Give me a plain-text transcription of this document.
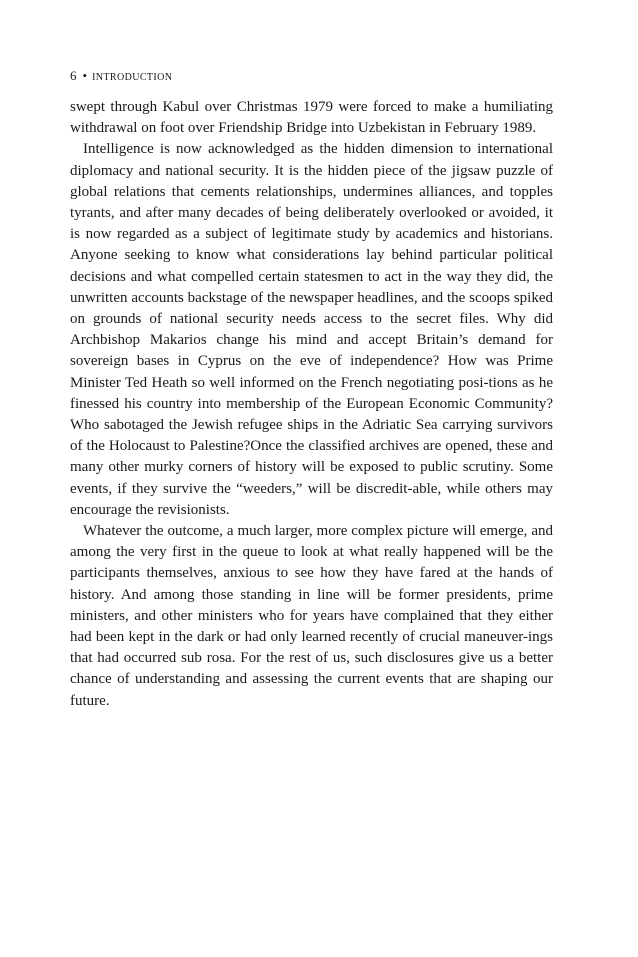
6 • INTRODUCTION

swept through Kabul over Christmas 1979 were forced to make a humiliating withdrawal on foot over Friendship Bridge into Uzbekistan in February 1989.

Intelligence is now acknowledged as the hidden dimension to international diplomacy and national security. It is the hidden piece of the jigsaw puzzle of global relations that cements relationships, undermines alliances, and topples tyrants, and after many decades of being deliberately overlooked or avoided, it is now regarded as a subject of legitimate study by academics and historians. Anyone seeking to know what considerations lay behind particular political decisions and what compelled certain statesmen to act in the way they did, the unwritten accounts backstage of the newspaper headlines, and the scoops spiked on grounds of national security needs access to the secret files. Why did Archbishop Makarios change his mind and accept Britain’s demand for sovereign bases in Cyprus on the eve of independence? How was Prime Minister Ted Heath so well informed on the French negotiating posi-tions as he finessed his country into membership of the European Economic Community? Who sabotaged the Jewish refugee ships in the Adriatic Sea carrying survivors of the Holocaust to Palestine?Once the classified archives are opened, these and many other murky corners of history will be exposed to public scrutiny. Some events, if they survive the “weeders,” will be discredit-able, while others may encourage the revisionists.

Whatever the outcome, a much larger, more complex picture will emerge, and among the very first in the queue to look at what really happened will be the participants themselves, anxious to see how they have fared at the hands of history. And among those standing in line will be former presidents, prime ministers, and other ministers who for years have complained that they either had been kept in the dark or had only learned recently of crucial maneuver-ings that had occurred sub rosa. For the rest of us, such disclosures give us a better chance of understanding and assessing the current events that are shaping our future.
